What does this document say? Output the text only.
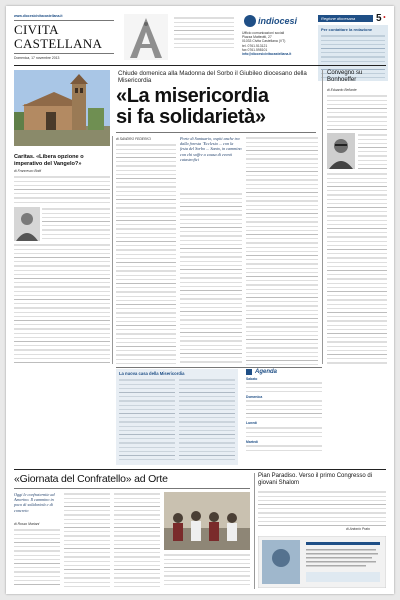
www.diocesicivitacastellana.it
CIVITA
CASTELLANA
Domenica, 17 novembre 2013
indiocesi
Ufficio comunicazioni sociali
Piazza Matteotti, 27
01033 Civita Castellana (VT)
tel. 0761.513121
fax 0761.598101
info@diocesicivitacastellana.it
Regione diocesana	5 •
Per contattare la redazione
Chiude domenica alla Madonna del Sorbo il Giubileo diocesano della Misericordia
«La misericordia
si fa solidarietà»
Caritas. «Libera opzione o imperativo del Vangelo?»
di Francesco Botti
di SANDRO FEDERICI	Porte di Santuario, ospiti anche tra dalla foresta ’Ecclesia ... con la festa del Sorbo ... Santo, in cammino con chi soffre a causa di eventi catastrofici
Convegno su Bonhoeffer
di Eduardo Bellante
La nuova casa della Misericordia	Agenda
Sabato
Domenica
Lunedì
Martedì
«Giornata del Confratello» ad Orte
Oggi le confraternite ad Amerino. Il cammino in poco di solidarietà e di concreto
di Rosso Mariani
Pian Paradiso. Verso il primo Congresso di giovani Shalom
di Antonio Prato
